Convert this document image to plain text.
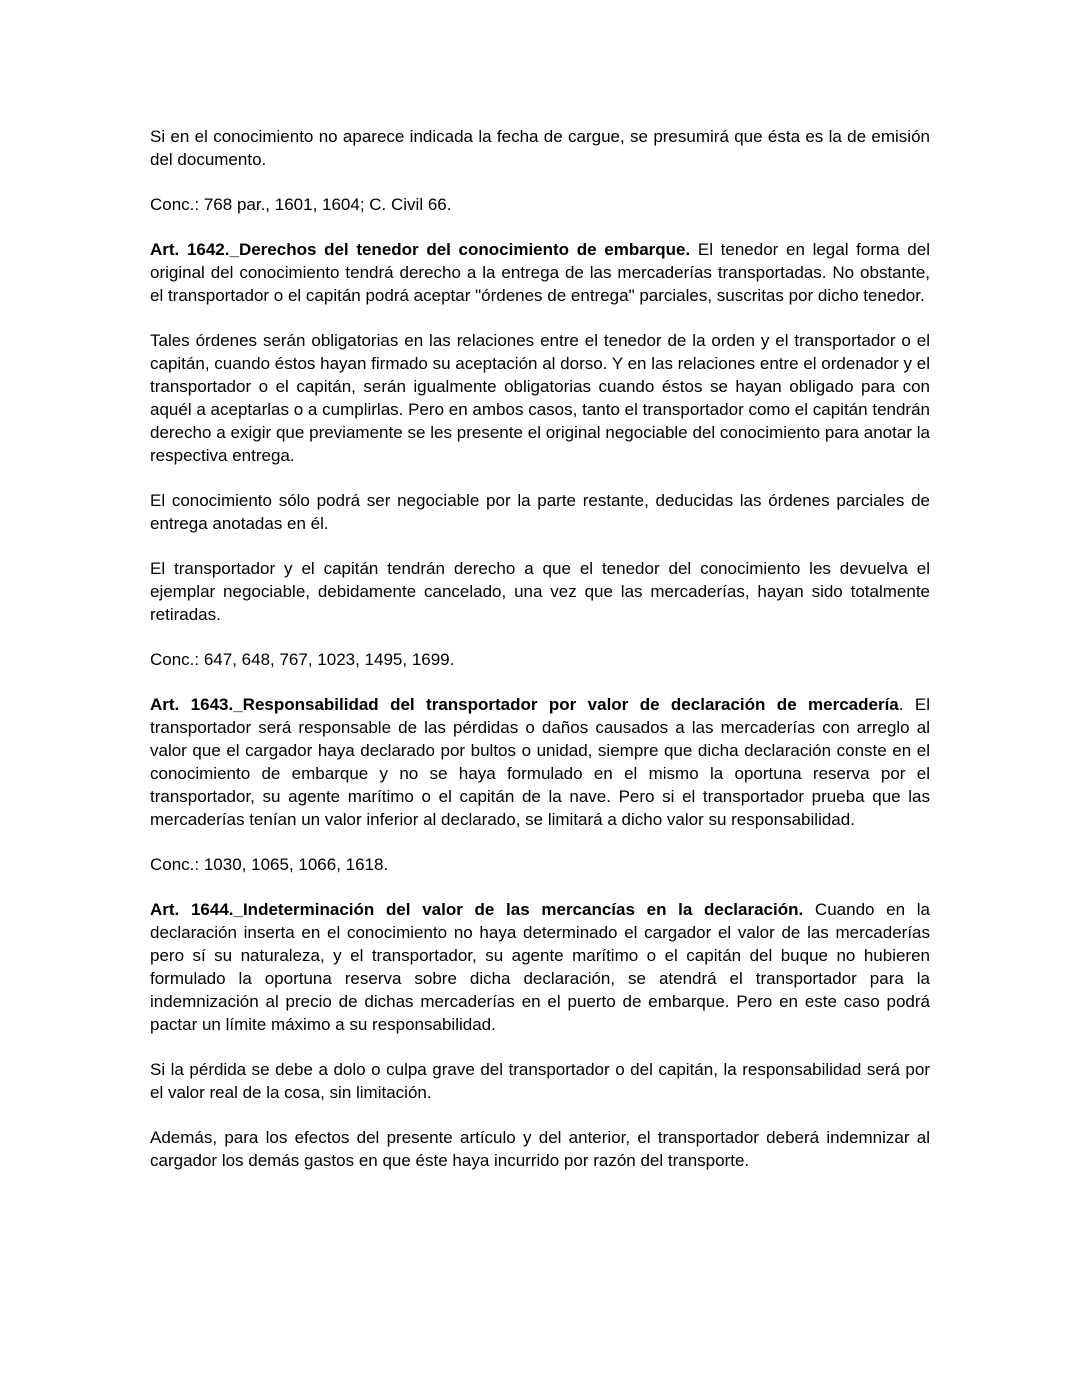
Si en el conocimiento no aparece indicada la fecha de cargue, se presumirá que ésta es la de emisión del documento.

Conc.: 768 par., 1601, 1604; C. Civil 66.

Art. 1642._Derechos del tenedor del conocimiento de embarque. El tenedor en legal forma del original del conocimiento tendrá derecho a la entrega de las mercaderías transportadas. No obstante, el transportador o el capitán podrá aceptar "órdenes de entrega" parciales, suscritas por dicho tenedor.

Tales órdenes serán obligatorias en las relaciones entre el tenedor de la orden y el transportador o el capitán, cuando éstos hayan firmado su aceptación al dorso. Y en las relaciones entre el ordenador y el transportador o el capitán, serán igualmente obligatorias cuando éstos se hayan obligado para con aquél a aceptarlas o a cumplirlas. Pero en ambos casos, tanto el transportador como el capitán tendrán derecho a exigir que previamente se les presente el original negociable del conocimiento para anotar la respectiva entrega.

El conocimiento sólo podrá ser negociable por la parte restante, deducidas las órdenes parciales de entrega anotadas en él.

El transportador y el capitán tendrán derecho a que el tenedor del conocimiento les devuelva el ejemplar negociable, debidamente cancelado, una vez que las mercaderías, hayan sido totalmente retiradas.

Conc.: 647, 648, 767, 1023, 1495, 1699.

Art. 1643._Responsabilidad del transportador por valor de declaración de mercadería. El transportador será responsable de las pérdidas o daños causados a las mercaderías con arreglo al valor que el cargador haya declarado por bultos o unidad, siempre que dicha declaración conste en el conocimiento de embarque y no se haya formulado en el mismo la oportuna reserva por el transportador, su agente marítimo o el capitán de la nave. Pero si el transportador prueba que las mercaderías tenían un valor inferior al declarado, se limitará a dicho valor su responsabilidad.

Conc.: 1030, 1065, 1066, 1618.

Art. 1644._Indeterminación del valor de las mercancías en la declaración. Cuando en la declaración inserta en el conocimiento no haya determinado el cargador el valor de las mercaderías pero sí su naturaleza, y el transportador, su agente marítimo o el capitán del buque no hubieren formulado la oportuna reserva sobre dicha declaración, se atendrá el transportador para la indemnización al precio de dichas mercaderías en el puerto de embarque. Pero en este caso podrá pactar un límite máximo a su responsabilidad.

Si la pérdida se debe a dolo o culpa grave del transportador o del capitán, la responsabilidad será por el valor real de la cosa, sin limitación.

Además, para los efectos del presente artículo y del anterior, el transportador deberá indemnizar al cargador los demás gastos en que éste haya incurrido por razón del transporte.
